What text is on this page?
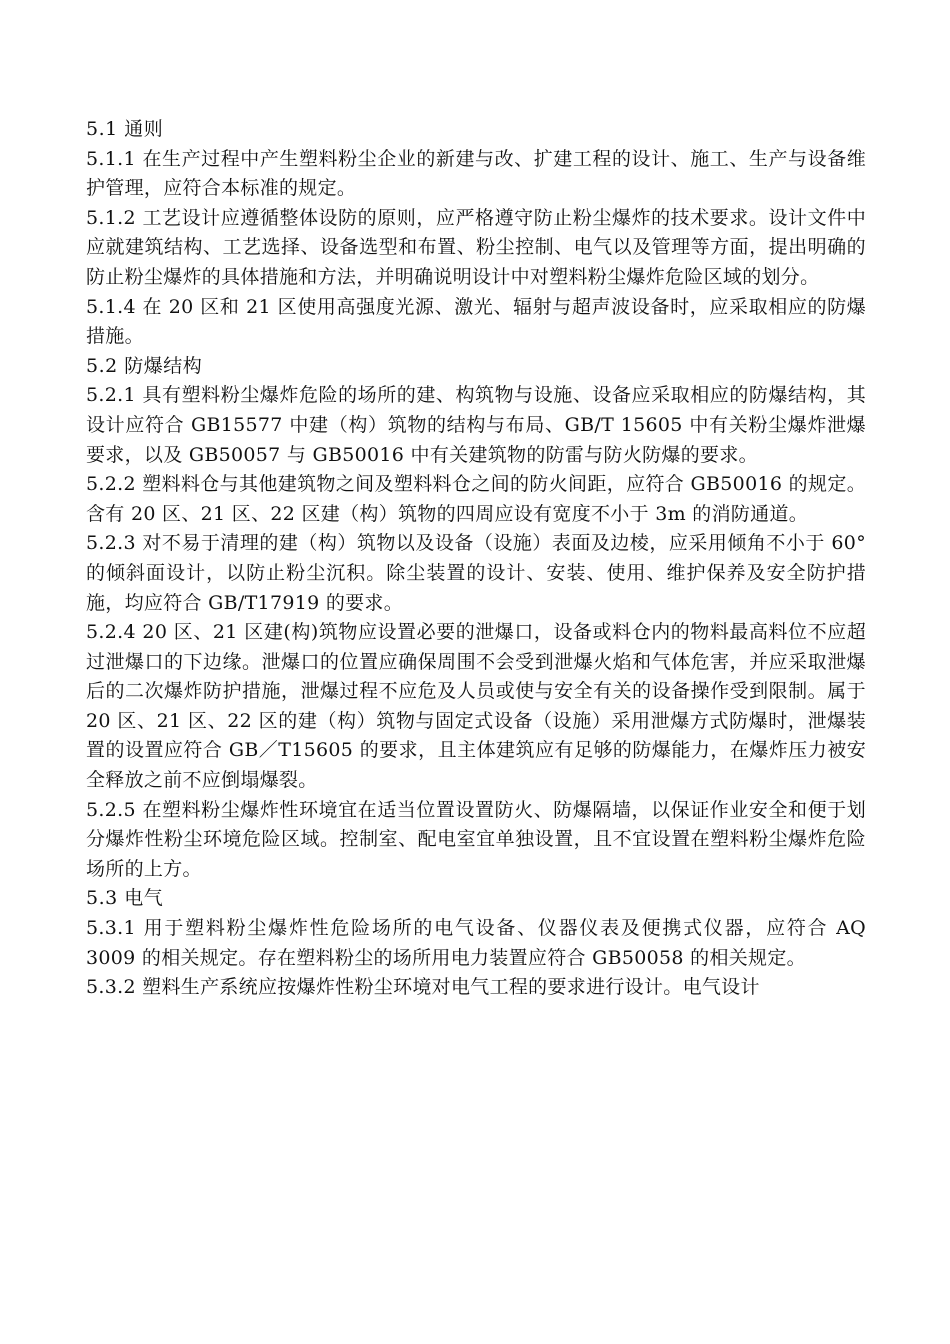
5.1 通则

5.1.1 在生产过程中产生塑料粉尘企业的新建与改、扩建工程的设计、施工、生产与设备维护管理，应符合本标准的规定。

5.1.2 工艺设计应遵循整体设防的原则，应严格遵守防止粉尘爆炸的技术要求。设计文件中应就建筑结构、工艺选择、设备选型和布置、粉尘控制、电气以及管理等方面，提出明确的防止粉尘爆炸的具体措施和方法，并明确说明设计中对塑料粉尘爆炸危险区域的划分。

5.1.4 在 20 区和 21 区使用高强度光源、激光、辐射与超声波设备时，应采取相应的防爆措施。

5.2 防爆结构

5.2.1 具有塑料粉尘爆炸危险的场所的建、构筑物与设施、设备应采取相应的防爆结构，其设计应符合 GB15577 中建（构）筑物的结构与布局、GB/T 15605 中有关粉尘爆炸泄爆要求，以及 GB50057 与 GB50016 中有关建筑物的防雷与防火防爆的要求。

5.2.2 塑料料仓与其他建筑物之间及塑料料仓之间的防火间距，应符合 GB50016 的规定。含有 20 区、21 区、22 区建（构）筑物的四周应设有宽度不小于 3m 的消防通道。

5.2.3 对不易于清理的建（构）筑物以及设备（设施）表面及边棱，应采用倾角不小于 60° 的倾斜面设计，以防止粉尘沉积。除尘装置的设计、安装、使用、维护保养及安全防护措施，均应符合 GB/T17919 的要求。

5.2.4 20 区、21 区建(构)筑物应设置必要的泄爆口，设备或料仓内的物料最高料位不应超过泄爆口的下边缘。泄爆口的位置应确保周围不会受到泄爆火焰和气体危害，并应采取泄爆后的二次爆炸防护措施，泄爆过程不应危及人员或使与安全有关的设备操作受到限制。属于 20 区、21 区、22 区的建（构）筑物与固定式设备（设施）采用泄爆方式防爆时，泄爆装置的设置应符合 GB／T15605 的要求，且主体建筑应有足够的防爆能力，在爆炸压力被安全释放之前不应倒塌爆裂。

5.2.5 在塑料粉尘爆炸性环境宜在适当位置设置防火、防爆隔墙，以保证作业安全和便于划分爆炸性粉尘环境危险区域。控制室、配电室宜单独设置，且不宜设置在塑料粉尘爆炸危险场所的上方。

5.3 电气

5.3.1 用于塑料粉尘爆炸性危险场所的电气设备、仪器仪表及便携式仪器，应符合 AQ 3009 的相关规定。存在塑料粉尘的场所用电力装置应符合 GB50058 的相关规定。

5.3.2 塑料生产系统应按爆炸性粉尘环境对电气工程的要求进行设计。电气设计
